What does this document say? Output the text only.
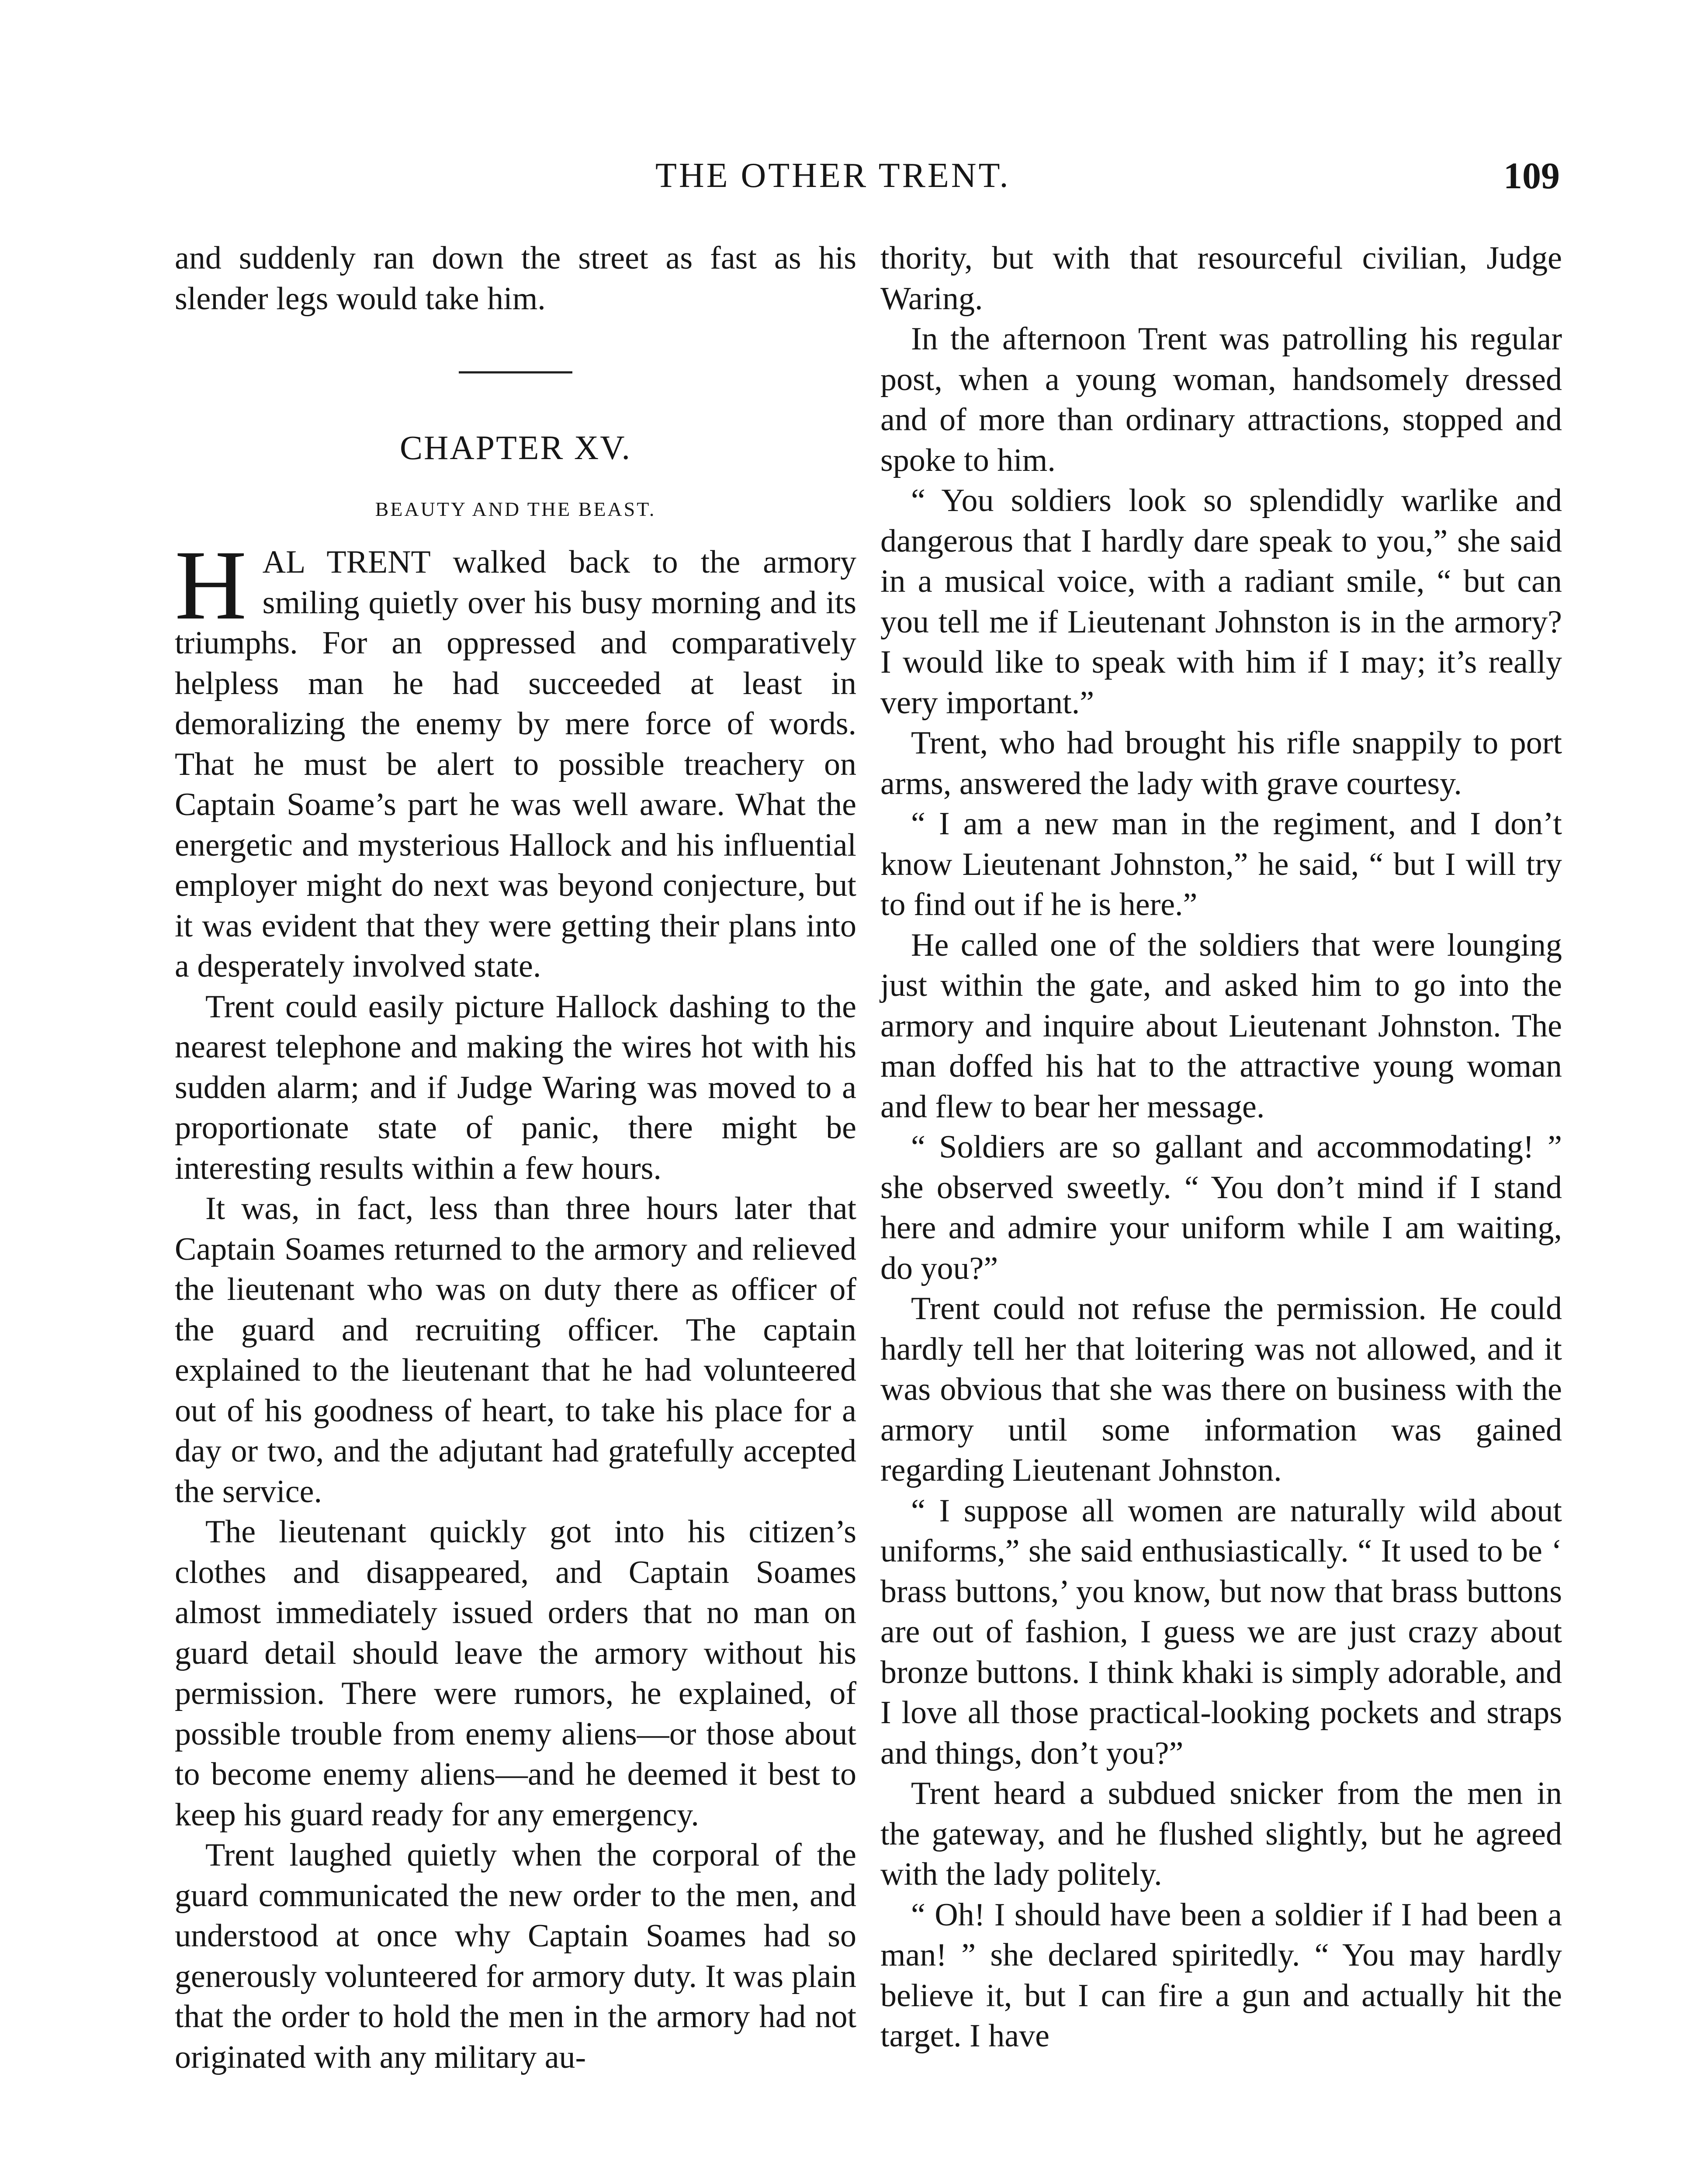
THE OTHER TRENT.	109

and suddenly ran down the street as fast as his slender legs would take him.

CHAPTER XV.
BEAUTY AND THE BEAST.

HAL TRENT walked back to the armory smiling quietly over his busy morning and its triumphs. For an oppressed and comparatively helpless man he had succeeded at least in demoralizing the enemy by mere force of words. That he must be alert to possible treachery on Captain Soame’s part he was well aware. What the energetic and mysterious Hallock and his influential employer might do next was beyond conjecture, but it was evident that they were getting their plans into a desperately involved state.

Trent could easily picture Hallock dashing to the nearest telephone and making the wires hot with his sudden alarm; and if Judge Waring was moved to a proportionate state of panic, there might be interesting results within a few hours.

It was, in fact, less than three hours later that Captain Soames returned to the armory and relieved the lieutenant who was on duty there as officer of the guard and recruiting officer. The captain explained to the lieutenant that he had volunteered out of his goodness of heart, to take his place for a day or two, and the adjutant had gratefully accepted the service.

The lieutenant quickly got into his citizen’s clothes and disappeared, and Captain Soames almost immediately issued orders that no man on guard detail should leave the armory without his permission. There were rumors, he explained, of possible trouble from enemy aliens—or those about to become enemy aliens—and he deemed it best to keep his guard ready for any emergency.

Trent laughed quietly when the corporal of the guard communicated the new order to the men, and understood at once why Captain Soames had so generously volunteered for armory duty. It was plain that the order to hold the men in the armory had not originated with any military au-

thority, but with that resourceful civilian, Judge Waring.

In the afternoon Trent was patrolling his regular post, when a young woman, handsomely dressed and of more than ordinary attractions, stopped and spoke to him.

“ You soldiers look so splendidly warlike and dangerous that I hardly dare speak to you,” she said in a musical voice, with a radiant smile, “ but can you tell me if Lieutenant Johnston is in the armory? I would like to speak with him if I may; it’s really very important.”

Trent, who had brought his rifle snappily to port arms, answered the lady with grave courtesy.

“ I am a new man in the regiment, and I don’t know Lieutenant Johnston,” he said, “ but I will try to find out if he is here.”

He called one of the soldiers that were lounging just within the gate, and asked him to go into the armory and inquire about Lieutenant Johnston. The man doffed his hat to the attractive young woman and flew to bear her message.

“ Soldiers are so gallant and accommodating! ” she observed sweetly. “ You don’t mind if I stand here and admire your uniform while I am waiting, do you?”

Trent could not refuse the permission. He could hardly tell her that loitering was not allowed, and it was obvious that she was there on business with the armory until some information was gained regarding Lieutenant Johnston.

“ I suppose all women are naturally wild about uniforms,” she said enthusiastically. “ It used to be ‘ brass buttons,’ you know, but now that brass buttons are out of fashion, I guess we are just crazy about bronze buttons. I think khaki is simply adorable, and I love all those practical-looking pockets and straps and things, don’t you?”

Trent heard a subdued snicker from the men in the gateway, and he flushed slightly, but he agreed with the lady politely.

“ Oh! I should have been a soldier if I had been a man! ” she declared spiritedly. “ You may hardly believe it, but I can fire a gun and actually hit the target. I have
